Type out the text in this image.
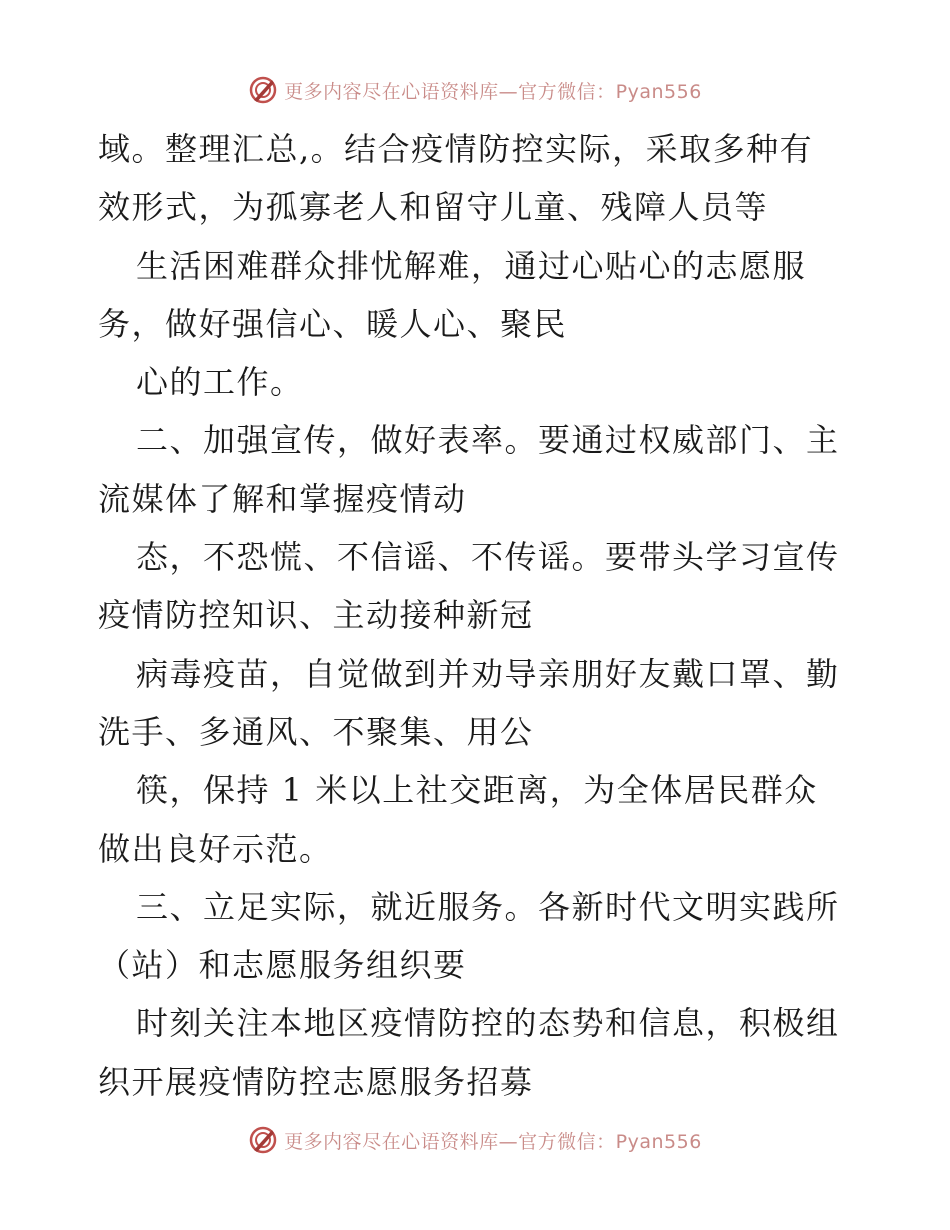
更多内容尽在心语资料库—官方微信：Pyan556
域。整理汇总,。结合疫情防控实际，采取多种有
效形式，为孤寡老人和留守儿童、残障人员等
生活困难群众排忧解难，通过心贴心的志愿服
务，做好强信心、暖人心、聚民
心的工作。
二、加强宣传，做好表率。要通过权威部门、主
流媒体了解和掌握疫情动
态，不恐慌、不信谣、不传谣。要带头学习宣传
疫情防控知识、主动接种新冠
病毒疫苗，自觉做到并劝导亲朋好友戴口罩、勤
洗手、多通风、不聚集、用公
筷，保持 1 米以上社交距离，为全体居民群众
做出良好示范。
三、立足实际，就近服务。各新时代文明实践所
（站）和志愿服务组织要
时刻关注本地区疫情防控的态势和信息，积极组
织开展疫情防控志愿服务招募
更多内容尽在心语资料库—官方微信：Pyan556
